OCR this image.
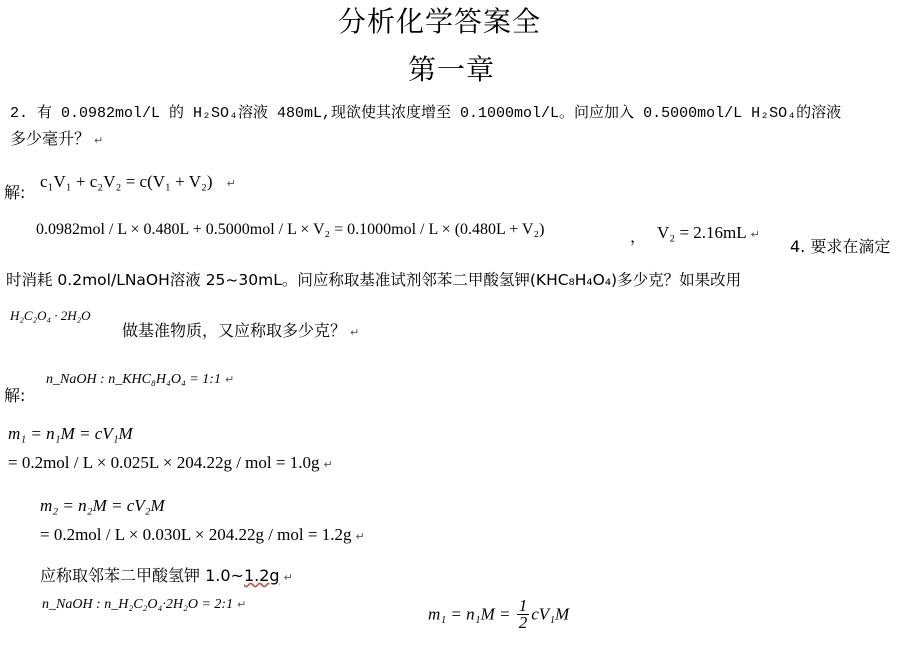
分析化学答案全
第一章
2. 有 0.0982mol/L 的 H₂SO₄溶液 480mL,现欲使其浓度增至 0.1000mol/L。问应加入 0.5000mol/L H₂SO₄的溶液
多少毫升？ ↵
解:
c₁V₁ + c₂V₂ = c(V₁ + V₂) ↵
0.0982mol / L × 0.480L + 0.5000mol / L × V₂ = 0.1000mol / L × (0.480L + V₂)	， V₂ = 2.16mL ↵
4. 要求在滴定
时消耗 0.2mol/LNaOH溶液 25~30mL。问应称取基准试剂邻苯二甲酸氢钾(KHC₈H₄O₄)多少克？如果改用
H₂C₂O₄ · 2H₂O
做基准物质，又应称取多少克？ ↵
解:
n_NaOH : n_KHC₈H₄O₄ = 1:1 ↵
m₁ = n₁M = cV₁M
= 0.2mol / L × 0.025L × 204.22g / mol = 1.0g ↵
m₂ = n₂M = cV₂M
= 0.2mol / L × 0.030L × 204.22g / mol = 1.2g ↵
应称取邻苯二甲酸氢钾 1.0~1.2g ↵
n_NaOH : n_H₂C₂O₄·2H₂O = 2:1 ↵	$m_1 = n_1M = \frac{1}{2} cV_1M$
